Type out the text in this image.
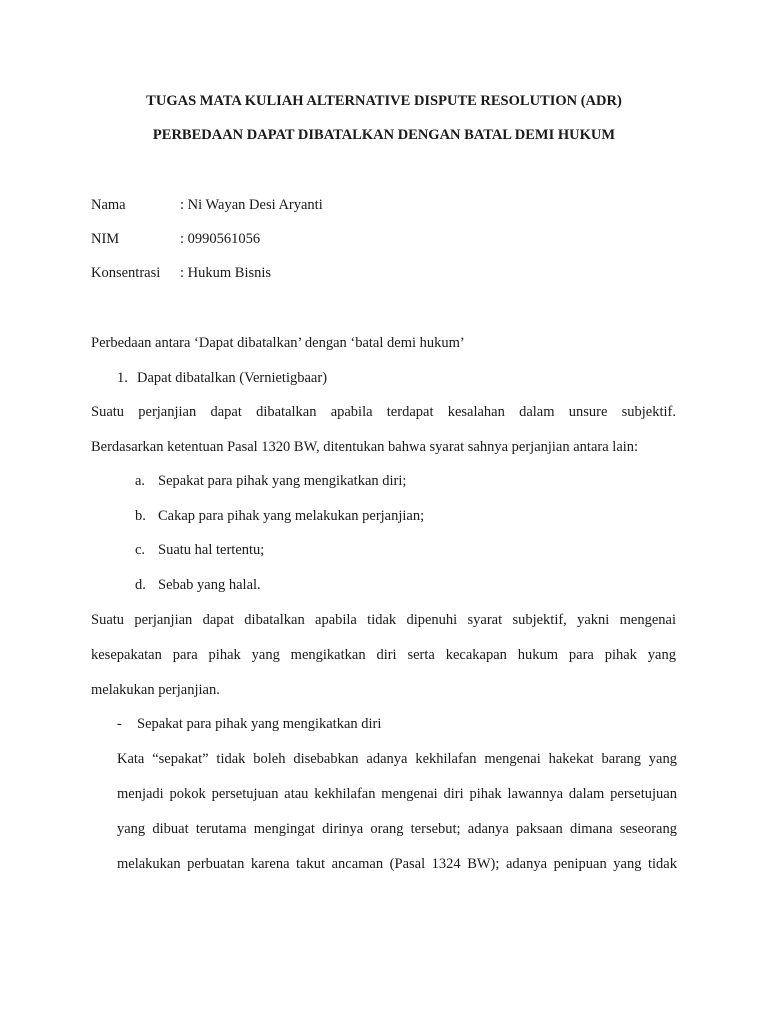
TUGAS MATA KULIAH ALTERNATIVE DISPUTE RESOLUTION (ADR)
PERBEDAAN DAPAT DIBATALKAN DENGAN BATAL DEMI HUKUM
Nama	: Ni Wayan Desi Aryanti
NIM	: 0990561056
Konsentrasi : Hukum Bisnis
Perbedaan antara ‘Dapat dibatalkan’ dengan ‘batal demi hukum’
1. Dapat dibatalkan (Vernietigbaar)
Suatu perjanjian dapat dibatalkan apabila terdapat kesalahan dalam unsure subjektif.
Berdasarkan ketentuan Pasal 1320 BW, ditentukan bahwa syarat sahnya perjanjian antara lain:
a. Sepakat para pihak yang mengikatkan diri;
b. Cakap para pihak yang melakukan perjanjian;
c. Suatu hal tertentu;
d. Sebab yang halal.
Suatu perjanjian dapat dibatalkan apabila tidak dipenuhi syarat subjektif, yakni mengenai
kesepakatan para pihak yang mengikatkan diri serta kecakapan hukum para pihak yang
melakukan perjanjian.
- Sepakat para pihak yang mengikatkan diri
Kata “sepakat” tidak boleh disebabkan adanya kekhilafan mengenai hakekat barang yang
menjadi pokok persetujuan atau kekhilafan mengenai diri pihak lawannya dalam persetujuan
yang dibuat terutama mengingat dirinya orang tersebut; adanya paksaan dimana seseorang
melakukan perbuatan karena takut ancaman (Pasal 1324 BW); adanya penipuan yang tidak
